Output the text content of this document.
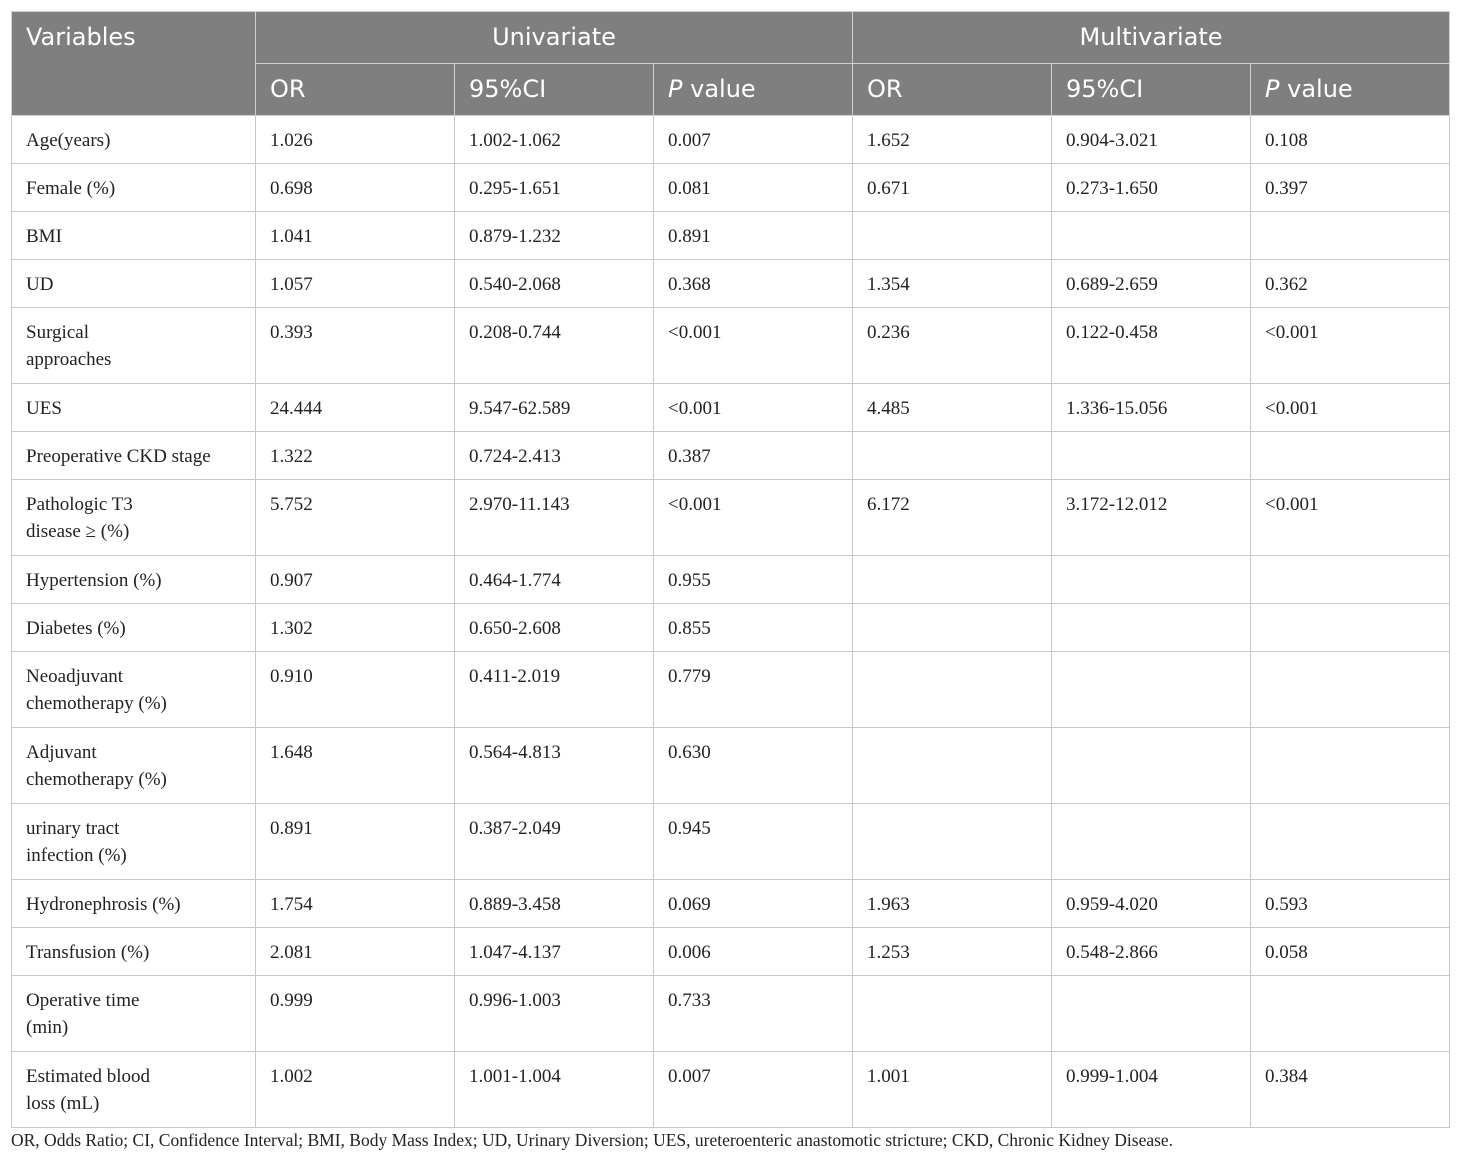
Variables	Univariate			Multivariate		
	OR	95%CI	P value	OR	95%CI	P value

Age(years)	1.026	1.002-1.062	0.007	1.652	0.904-3.021	0.108

Female (%)	0.698	0.295-1.651	0.081	0.671	0.273-1.650	0.397

BMI	1.041	0.879-1.232	0.891			

UD	1.057	0.540-2.068	0.368	1.354	0.689-2.659	0.362

Surgical
approaches	0.393	0.208-0.744	<0.001	0.236	0.122-0.458	<0.001

UES	24.444	9.547-62.589	<0.001	4.485	1.336-15.056	<0.001

Preoperative CKD stage	1.322	0.724-2.413	0.387			

Pathologic T3
disease ≥ (%)	5.752	2.970-11.143	<0.001	6.172	3.172-12.012	<0.001

Hypertension (%)	0.907	0.464-1.774	0.955			

Diabetes (%)	1.302	0.650-2.608	0.855			

Neoadjuvant
chemotherapy (%)	0.910	0.411-2.019	0.779			

Adjuvant
chemotherapy (%)	1.648	0.564-4.813	0.630			

urinary tract
infection (%)	0.891	0.387-2.049	0.945			

Hydronephrosis (%)	1.754	0.889-3.458	0.069	1.963	0.959-4.020	0.593

Transfusion (%)	2.081	1.047-4.137	0.006	1.253	0.548-2.866	0.058

Operative time
(min)	0.999	0.996-1.003	0.733			

Estimated blood
loss (mL)	1.002	1.001-1.004	0.007	1.001	0.999-1.004	0.384
OR, Odds Ratio; CI, Confidence Interval; BMI, Body Mass Index; UD, Urinary Diversion; UES, ureteroenteric anastomotic stricture; CKD, Chronic Kidney Disease.
